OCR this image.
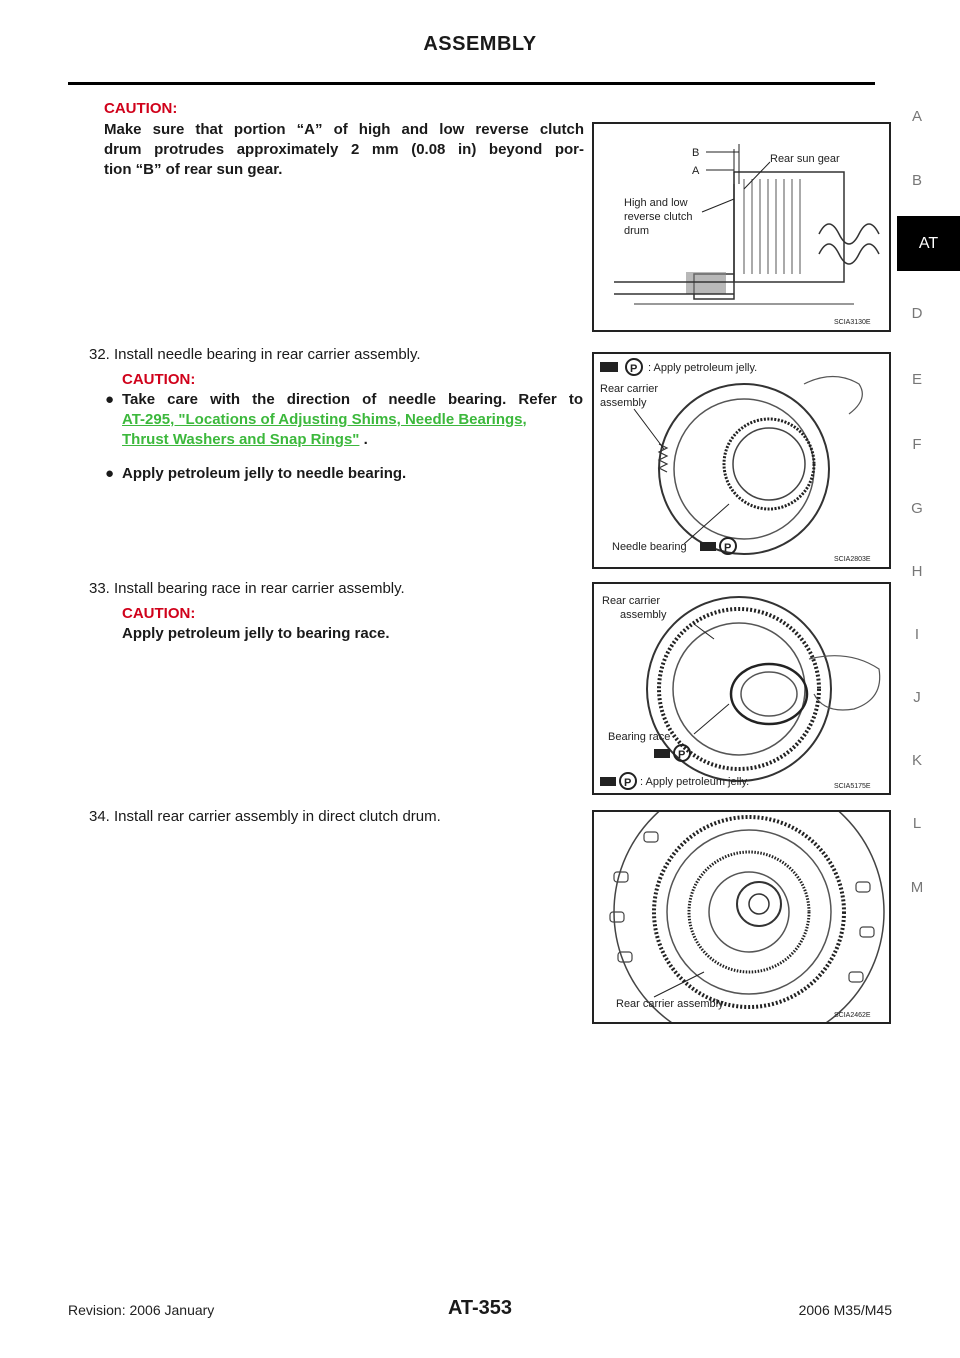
ASSEMBLY
A
B
AT
D
E
F
G
H
I
J
K
L
M
CAUTION:
Make sure that portion “A” of high and low reverse clutch
drum protrudes approximately 2 mm (0.08 in) beyond por-
tion “B” of rear sun gear.
B
A
Rear sun gear
High and low
reverse clutch
drum
SCIA3130E
32. Install needle bearing in rear carrier assembly.
CAUTION:
● Take care with the direction of needle bearing. Refer to
AT-295, "Locations of Adjusting Shims, Needle Bearings,
Thrust Washers and Snap Rings" .
● Apply petroleum jelly to needle bearing.
P : Apply petroleum jelly.
Rear carrier
assembly
Needle bearing	P
SCIA2803E
33. Install bearing race in rear carrier assembly.
CAUTION:
Apply petroleum jelly to bearing race.
Rear carrier
assembly
Bearing race
P
P : Apply petroleum jelly.	SCIA5175E
34. Install rear carrier assembly in direct clutch drum.
Rear carrier assembly
SCIA2462E
Revision: 2006 January	AT-353	2006 M35/M45
